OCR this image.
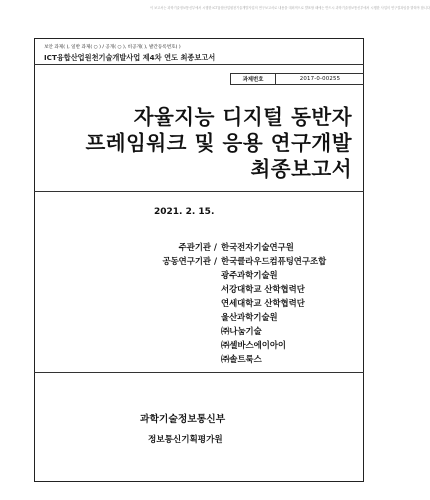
이 보고서는 과학기술정보통신부에서 시행한 ICT융합산업원천기술개발사업의 연구보고서로 내용을 대외적으로 발표할 때에는 반드시 과학기술정보통신부에서 시행한 사업의 연구결과임을 밝혀야 합니다
보안 과제( ), 일반 과제( ○ ) / 공개( ○ ), 비공개( ), 발간등록번호( )
ICT융합산업원천기술개발사업 제4차 연도 최종보고서
과제번호	2017-0-00255
자율지능 디지털 동반자
프레임워크 및 응용 연구개발
최종보고서
2021. 2. 15.
주관기관 / 한국전자기술연구원
공동연구기관 / 한국클라우드컴퓨팅연구조합
광주과학기술원
서강대학교 산학협력단
연세대학교 산학협력단
울산과학기술원
㈜나눔기술
㈜셀바스에이아이
㈜솔트룩스
과학기술정보통신부
정보통신기획평가원
